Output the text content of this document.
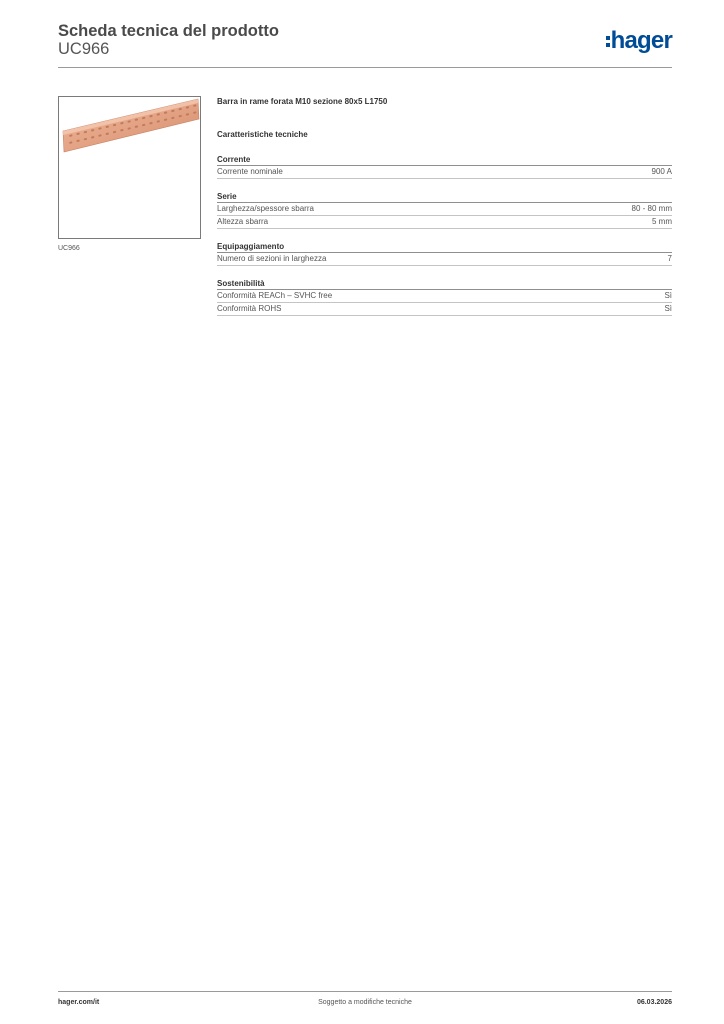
Scheda tecnica del prodotto
UC966	hager
UC966
Barra in rame forata M10 sezione 80x5 L1750
Caratteristiche tecniche
Corrente
Corrente nominale	900 A
Serie
Larghezza/spessore sbarra	80 - 80 mm
Altezza sbarra	5 mm
Equipaggiamento
Numero di sezioni in larghezza	7
Sostenibilità
Conformità REACh – SVHC free	Sì
Conformità ROHS	Sì
hager.com/it	Soggetto a modifiche tecniche	06.03.2026
